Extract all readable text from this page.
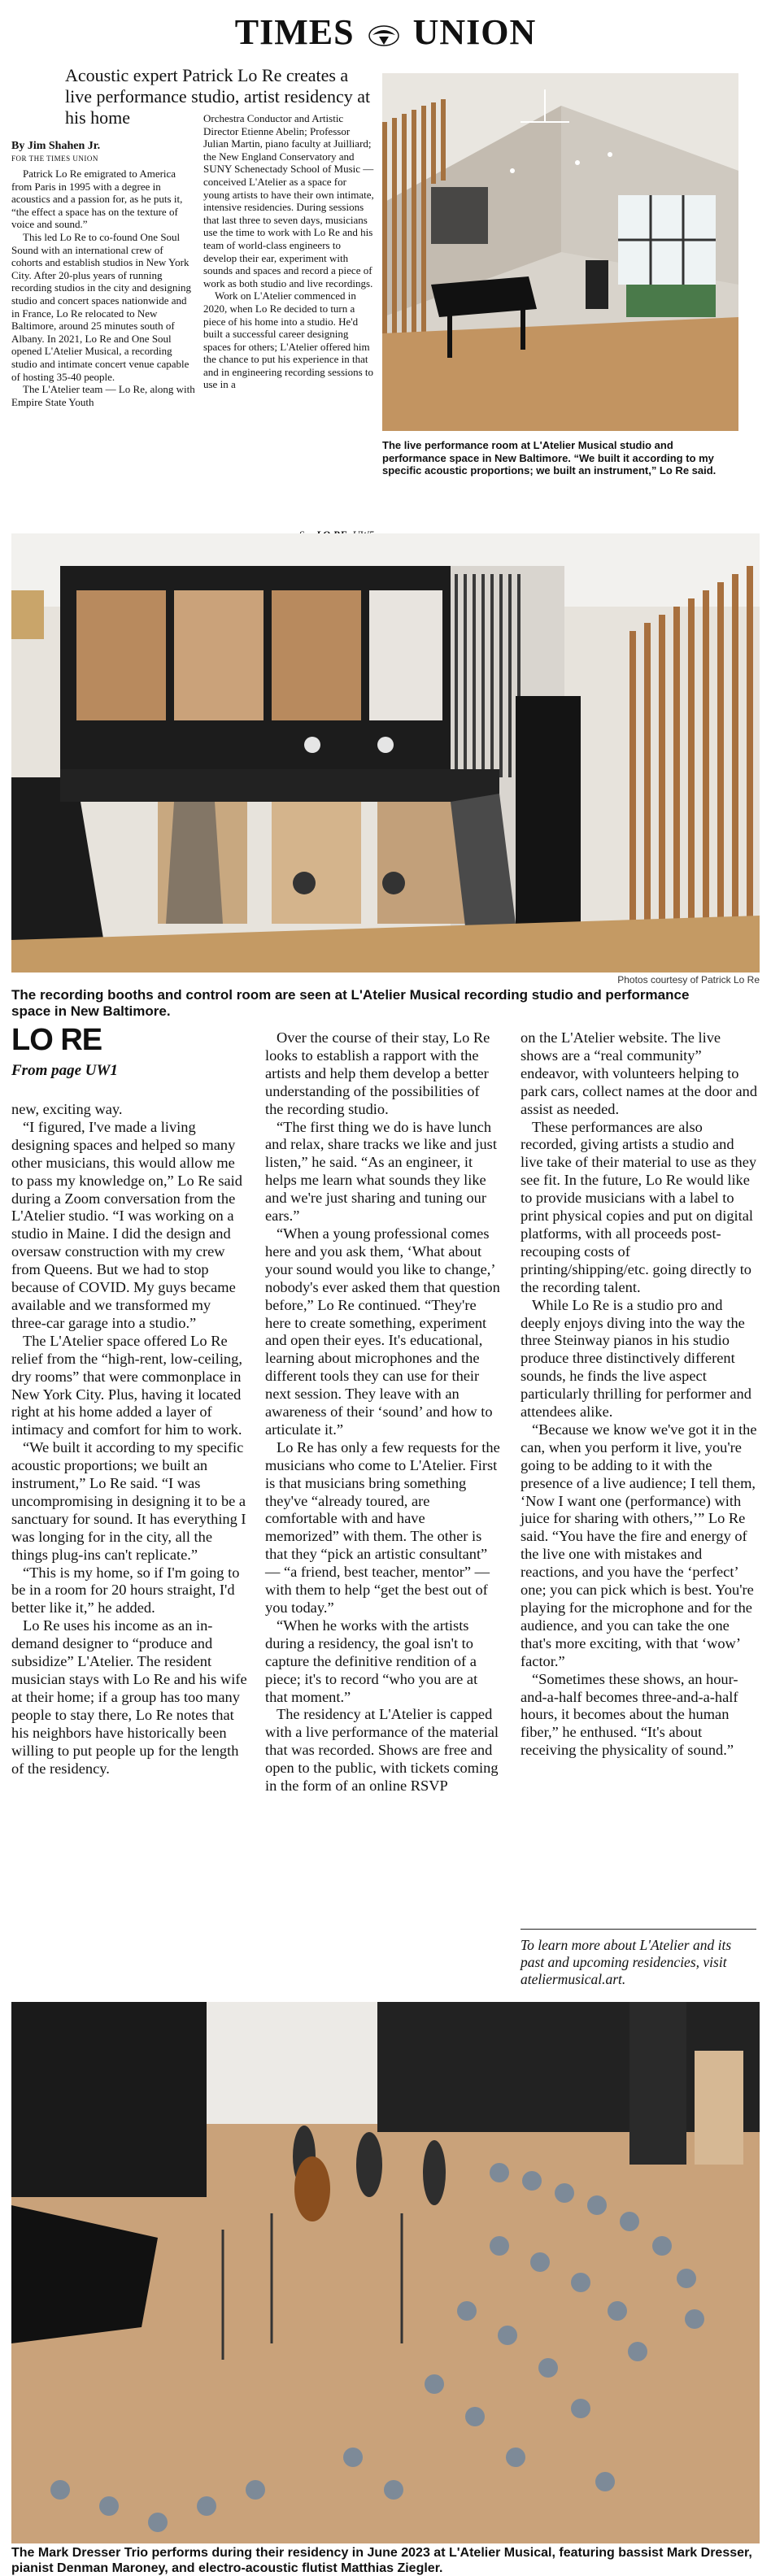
TIMES UNION
Acoustic expert Patrick Lo Re creates a live performance studio, artist residency at his home
By Jim Shahen Jr.
FOR THE TIMES UNION

Patrick Lo Re emigrated to America from Paris in 1995 with a degree in acoustics and a passion for, as he puts it, “the effect a space has on the texture of voice and sound.”

This led Lo Re to co-found One Soul Sound with an international crew of cohorts and establish studios in New York City. After 20-plus years of running recording studios in the city and designing studio and concert spaces nationwide and in France, Lo Re relocated to New Baltimore, around 25 minutes south of Albany. In 2021, Lo Re and One Soul opened L'Atelier Musical, a recording studio and intimate concert venue capable of hosting 35-40 people.

The L'Atelier team — Lo Re, along with Empire State Youth

Orchestra Conductor and Artistic Director Etienne Abelin; Professor Julian Martin, piano faculty at Juilliard; the New England Conservatory and SUNY Schenectady School of Music — conceived L'Atelier as a space for young artists to have their own intimate, intensive residencies. During sessions that last three to seven days, musicians use the time to work with Lo Re and his team of world-class engineers to develop their ear, experiment with sounds and spaces and record a piece of work as both studio and live recordings.

Work on L'Atelier commenced in 2020, when Lo Re decided to turn a piece of his home into a studio. He'd built a successful career designing spaces for others; L'Atelier offered him the chance to put his experience in that and in engineering recording sessions to use in a

The live performance room at L'Atelier Musical studio and performance space in New Baltimore. “We built it according to my specific acoustic proportions; we built an instrument,” Lo Re said.
Photos courtesy of Patrick Lo Re
The recording booths and control room are seen at L'Atelier Musical recording studio and performance space in New Baltimore.
LO RE
From page UW1

new, exciting way.

“I figured, I've made a living designing spaces and helped so many other musicians, this would allow me to pass my knowledge on,” Lo Re said during a Zoom conversation from the L'Atelier studio. “I was working on a studio in Maine. I did the design and oversaw construction with my crew from Queens. But we had to stop because of COVID. My guys became available and we transformed my three-car garage into a studio.”

The L'Atelier space offered Lo Re relief from the “high-rent, low-ceiling, dry rooms” that were commonplace in New York City. Plus, having it located right at his home added a layer of intimacy and comfort for him to work.

“We built it according to my specific acoustic proportions; we built an instrument,” Lo Re said. “I was uncompromising in designing it to be a sanctuary for sound. It has everything I was longing for in the city, all the things plug-ins can't replicate.”

“This is my home, so if I'm going to be in a room for 20 hours straight, I'd better like it,” he added.

Lo Re uses his income as an in-demand designer to “produce and subsidize” L'Atelier. The resident musician stays with Lo Re and his wife at their home; if a group has too many people to stay there, Lo Re notes that his neighbors have historically been willing to put people up for the length of the residency.

Over the course of their stay, Lo Re looks to establish a rapport with the artists and help them develop a better understanding of the possibilities of the recording studio.

“The first thing we do is have lunch and relax, share tracks we like and just listen,” he said. “As an engineer, it helps me learn what sounds they like and we're just sharing and tuning our ears.”

“When a young professional comes here and you ask them, ‘What about your sound would you like to change,’ nobody's ever asked them that question before,” Lo Re continued. “They're here to create something, experiment and open their eyes. It's educational, learning about microphones and the different tools they can use for their next session. They leave with an awareness of their ‘sound’ and how to articulate it.”

Lo Re has only a few requests for the musicians who come to L'Atelier. First is that musicians bring something they've “already toured, are comfortable with and have memorized” with them. The other is that they “pick an artistic consultant” — “a friend, best teacher, mentor” — with them to help “get the best out of you today.”

“When he works with the artists during a residency, the goal isn't to capture the definitive rendition of a piece; it's to record “who you are at that moment.”

The residency at L'Atelier is capped with a live performance of the material that was recorded. Shows are free and open to the public, with tickets coming in the form of an online RSVP

on the L'Atelier website. The live shows are a “real community” endeavor, with volunteers helping to park cars, collect names at the door and assist as needed.

These performances are also recorded, giving artists a studio and live take of their material to use as they see fit. In the future, Lo Re would like to provide musicians with a label to print physical copies and put on digital platforms, with all proceeds post-recouping costs of printing/shipping/etc. going directly to the recording talent.

While Lo Re is a studio pro and deeply enjoys diving into the way the three Steinway pianos in his studio produce three distinctively different sounds, he finds the live aspect particularly thrilling for performer and attendees alike.

“Because we know we've got it in the can, when you perform it live, you're going to be adding to it with the presence of a live audience; I tell them, ‘Now I want one (performance) with juice for sharing with others,’” Lo Re said. “You have the fire and energy of the live one with mistakes and reactions, and you have the ‘perfect’ one; you can pick which is best. You're playing for the microphone and for the audience, and you can take the one that's more exciting, with that ‘wow’ factor.”

“Sometimes these shows, an hour-and-a-half becomes three-and-a-half hours, it becomes about the human fiber,” he enthused. “It's about receiving the physicality of sound.”

To learn more about L'Atelier and its past and upcoming residencies, visit ateliermusical.art.
The Mark Dresser Trio performs during their residency in June 2023 at L'Atelier Musical, featuring bassist Mark Dresser, pianist Denman Maroney, and electro-acoustic flutist Matthias Ziegler.
